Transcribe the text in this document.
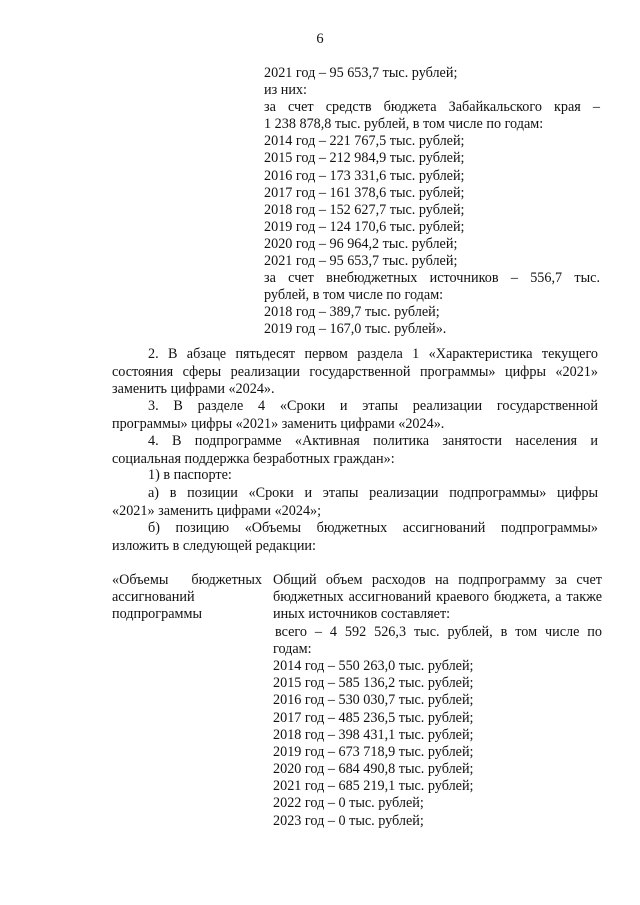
6
2021 год – 95 653,7 тыс. рублей;
из них:
за счет средств бюджета Забайкальского края –
1 238 878,8 тыс. рублей, в том числе по годам:
2014 год – 221 767,5 тыс. рублей;
2015 год – 212 984,9 тыс. рублей;
2016 год – 173 331,6 тыс. рублей;
2017 год – 161 378,6 тыс. рублей;
2018 год – 152 627,7 тыс. рублей;
2019 год – 124 170,6 тыс. рублей;
2020 год – 96 964,2 тыс. рублей;
2021 год – 95 653,7 тыс. рублей;
за счет внебюджетных источников – 556,7 тыс.
рублей, в том числе по годам:
2018 год – 389,7 тыс. рублей;
2019 год – 167,0 тыс. рублей».
2. В абзаце пятьдесят первом раздела 1 «Характеристика текущего
состояния сферы реализации государственной программы» цифры «2021»
заменить цифрами «2024».
3. В разделе 4 «Сроки и этапы реализации государственной
программы» цифры «2021» заменить цифрами «2024».
4. В подпрограмме «Активная политика занятости населения и
социальная поддержка безработных граждан»:
1) в паспорте:
а) в позиции «Сроки и этапы реализации подпрограммы» цифры
«2021» заменить цифрами «2024»;
б) позицию «Объемы бюджетных ассигнований подпрограммы»
изложить в следующей редакции:
«Объемы бюджетных
ассигнований
подпрограммы
Общий объем расходов на подпрограмму за счет
бюджетных ассигнований краевого бюджета, а также
иных источников составляет:
всего – 4 592 526,3 тыс. рублей, в том числе по
годам:
2014 год – 550 263,0 тыс. рублей;
2015 год – 585 136,2 тыс. рублей;
2016 год – 530 030,7 тыс. рублей;
2017 год – 485 236,5 тыс. рублей;
2018 год – 398 431,1 тыс. рублей;
2019 год – 673 718,9 тыс. рублей;
2020 год – 684 490,8 тыс. рублей;
2021 год – 685 219,1 тыс. рублей;
2022 год – 0 тыс. рублей;
2023 год – 0 тыс. рублей;
